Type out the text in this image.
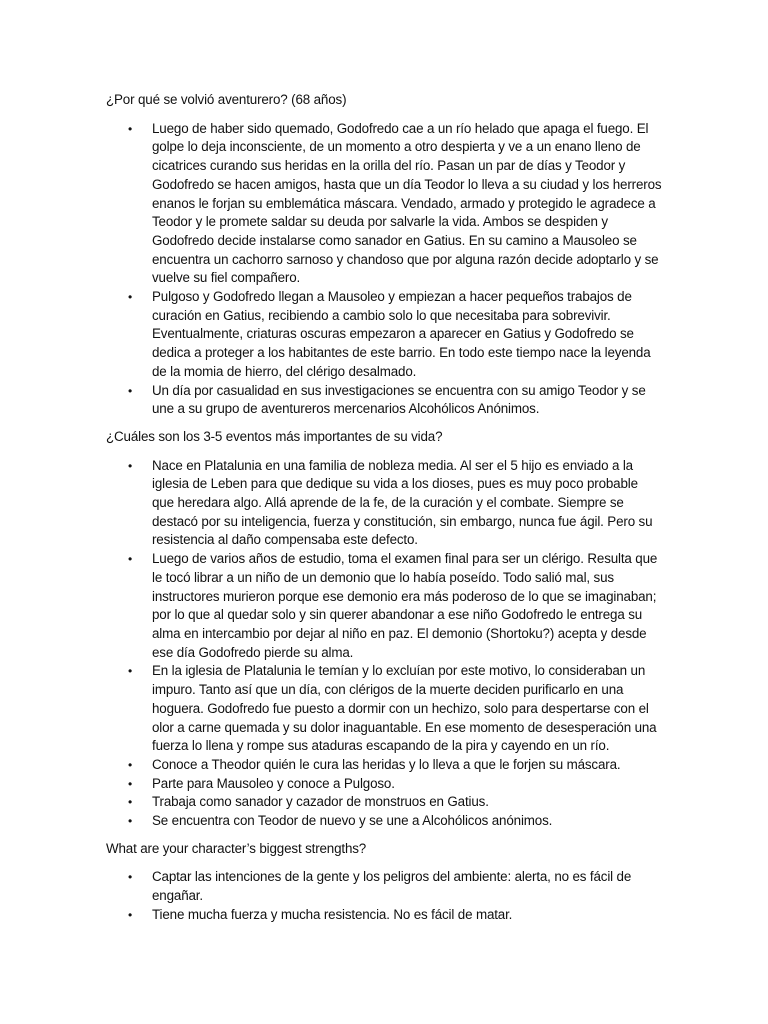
¿Por qué se volvió aventurero? (68 años)

• Luego de haber sido quemado, Godofredo cae a un río helado que apaga el fuego. El golpe lo deja inconsciente, de un momento a otro despierta y ve a un enano lleno de cicatrices curando sus heridas en la orilla del río. Pasan un par de días y Teodor y Godofredo se hacen amigos, hasta que un día Teodor lo lleva a su ciudad y los herreros enanos le forjan su emblemática máscara. Vendado, armado y protegido le agradece a Teodor y le promete saldar su deuda por salvarle la vida. Ambos se despiden y Godofredo decide instalarse como sanador en Gatius. En su camino a Mausoleo se encuentra un cachorro sarnoso y chandoso que por alguna razón decide adoptarlo y se vuelve su fiel compañero.
• Pulgoso y Godofredo llegan a Mausoleo y empiezan a hacer pequeños trabajos de curación en Gatius, recibiendo a cambio solo lo que necesitaba para sobrevivir. Eventualmente, criaturas oscuras empezaron a aparecer en Gatius y Godofredo se dedica a proteger a los habitantes de este barrio. En todo este tiempo nace la leyenda de la momia de hierro, del clérigo desalmado.
• Un día por casualidad en sus investigaciones se encuentra con su amigo Teodor y se une a su grupo de aventureros mercenarios Alcohólicos Anónimos.

¿Cuáles son los 3-5 eventos más importantes de su vida?

• Nace en Platalunia en una familia de nobleza media. Al ser el 5 hijo es enviado a la iglesia de Leben para que dedique su vida a los dioses, pues es muy poco probable que heredara algo. Allá aprende de la fe, de la curación y el combate. Siempre se destacó por su inteligencia, fuerza y constitución, sin embargo, nunca fue ágil. Pero su resistencia al daño compensaba este defecto.
• Luego de varios años de estudio, toma el examen final para ser un clérigo. Resulta que le tocó librar a un niño de un demonio que lo había poseído. Todo salió mal, sus instructores murieron porque ese demonio era más poderoso de lo que se imaginaban; por lo que al quedar solo y sin querer abandonar a ese niño Godofredo le entrega su alma en intercambio por dejar al niño en paz. El demonio (Shortoku?) acepta y desde ese día Godofredo pierde su alma.
• En la iglesia de Platalunia le temían y lo excluían por este motivo, lo consideraban un impuro. Tanto así que un día, con clérigos de la muerte deciden purificarlo en una hoguera. Godofredo fue puesto a dormir con un hechizo, solo para despertarse con el olor a carne quemada y su dolor inaguantable. En ese momento de desesperación una fuerza lo llena y rompe sus ataduras escapando de la pira y cayendo en un río.
• Conoce a Theodor quién le cura las heridas y lo lleva a que le forjen su máscara.
• Parte para Mausoleo y conoce a Pulgoso.
• Trabaja como sanador y cazador de monstruos en Gatius.
• Se encuentra con Teodor de nuevo y se une a Alcohólicos anónimos.

What are your character’s biggest strengths?

• Captar las intenciones de la gente y los peligros del ambiente: alerta, no es fácil de engañar.
• Tiene mucha fuerza y mucha resistencia. No es fácil de matar.
